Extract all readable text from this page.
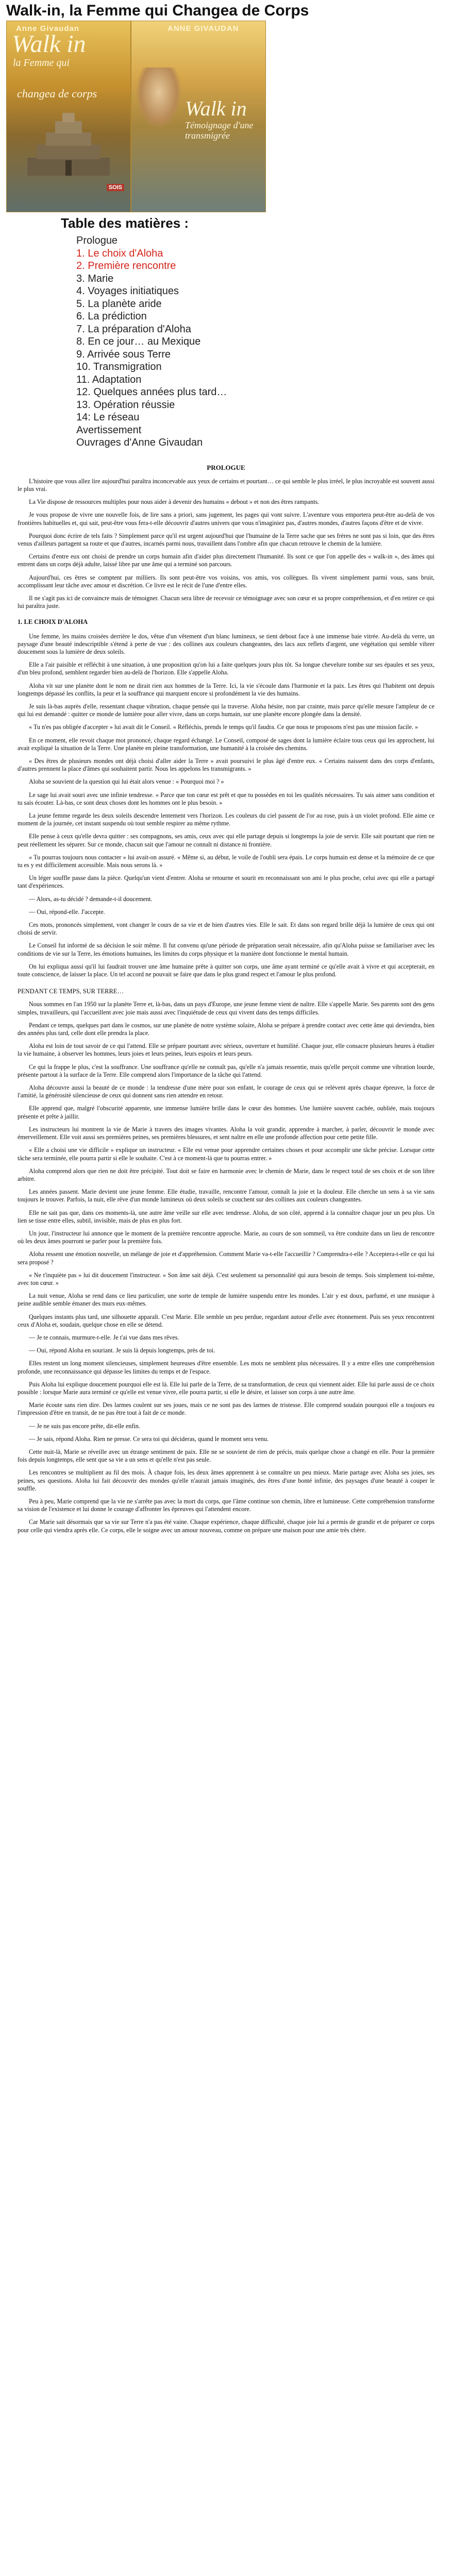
Walk-in, la Femme qui Changea de Corps
Anne Givaudan
Walk in
la Femme qui
changea de corps
SOIS
ANNE GIVAUDAN
Walk in
Témoignage d'une transmigrée
Table des matières :
Prologue
1. Le choix d'Aloha
2. Première rencontre
3. Marie
4. Voyages initiatiques
5. La planète aride
6. La prédiction
7. La préparation d'Aloha
8. En ce jour… au Mexique
9. Arrivée sous Terre
10. Transmigration
11. Adaptation
12. Quelques années plus tard…
13. Opération réussie
14: Le réseau
Avertissement
Ouvrages d'Anne Givaudan
PROLOGUE

L'histoire que vous allez lire aujourd'hui paraîtra inconcevable aux yeux de certains et pourtant… ce qui semble le plus irréel, le plus incroyable est souvent aussi le plus vrai.

La Vie dispose de ressources multiples pour nous aider à devenir des humains « debout » et non des êtres rampants.

Je vous propose de vivre une nouvelle fois, de lire sans a priori, sans jugement, les pages qui vont suivre. L'aventure vous emportera peut-être au-delà de vos frontières habituelles et, qui sait, peut-être vous fera-t-elle découvrir d'autres univers que vous n'imaginiez pas, d'autres mondes, d'autres façons d'être et de vivre.

Pourquoi donc écrire de tels faits ? Simplement parce qu'il est urgent aujourd'hui que l'humaine de la Terre sache que ses frères ne sont pas si loin, que des êtres venus d'ailleurs partagent sa route et que d'autres, incarnés parmi nous, travaillent dans l'ombre afin que chacun retrouve le chemin de la lumière.

Certains d'entre eux ont choisi de prendre un corps humain afin d'aider plus directement l'humanité. Ils sont ce que l'on appelle des « walk-in », des âmes qui entrent dans un corps déjà adulte, laissé libre par une âme qui a terminé son parcours.

Aujourd'hui, ces êtres se comptent par milliers. Ils sont peut-être vos voisins, vos amis, vos collègues. Ils vivent simplement parmi vous, sans bruit, accomplissant leur tâche avec amour et discrétion. Ce livre est le récit de l'une d'entre elles.

Il ne s'agit pas ici de convaincre mais de témoigner. Chacun sera libre de recevoir ce témoignage avec son cœur et sa propre compréhension, et d'en retirer ce qui lui paraîtra juste.

1. LE CHOIX D'ALOHA

Une femme, les mains croisées derrière le dos, vêtue d'un vêtement d'un blanc lumineux, se tient debout face à une immense baie vitrée. Au-delà du verre, un paysage d'une beauté indescriptible s'étend à perte de vue : des collines aux couleurs changeantes, des lacs aux reflets d'argent, une végétation qui semble vibrer doucement sous la lumière de deux soleils.

Elle a l'air paisible et réfléchit à une situation, à une proposition qu'on lui a faite quelques jours plus tôt. Sa longue chevelure tombe sur ses épaules et ses yeux, d'un bleu profond, semblent regarder bien au-delà de l'horizon. Elle s'appelle Aloha.

Aloha vit sur une planète dont le nom ne dirait rien aux hommes de la Terre. Ici, la vie s'écoule dans l'harmonie et la paix. Les êtres qui l'habitent ont depuis longtemps dépassé les conflits, la peur et la souffrance qui marquent encore si profondément la vie des humains.

Je suis là-bas auprès d'elle, ressentant chaque vibration, chaque pensée qui la traverse. Aloha hésite, non par crainte, mais parce qu'elle mesure l'ampleur de ce qui lui est demandé : quitter ce monde de lumière pour aller vivre, dans un corps humain, sur une planète encore plongée dans la densité.

« Tu n'es pas obligée d'accepter » lui avait dit le Conseil. « Réfléchis, prends le temps qu'il faudra. Ce que nous te proposons n'est pas une mission facile. »

En ce moment, elle revoit chaque mot prononcé, chaque regard échangé. Le Conseil, composé de sages dont la lumière éclaire tous ceux qui les approchent, lui avait expliqué la situation de la Terre. Une planète en pleine transformation, une humanité à la croisée des chemins.

« Des êtres de plusieurs mondes ont déjà choisi d'aller aider la Terre » avait poursuivi le plus âgé d'entre eux. « Certains naissent dans des corps d'enfants, d'autres prennent la place d'âmes qui souhaitent partir. Nous les appelons les transmigrants. »

Aloha se souvient de la question qui lui était alors venue : « Pourquoi moi ? »

Le sage lui avait souri avec une infinie tendresse. « Parce que ton cœur est prêt et que tu possèdes en toi les qualités nécessaires. Tu sais aimer sans condition et tu sais écouter. Là-bas, ce sont deux choses dont les hommes ont le plus besoin. »

La jeune femme regarde les deux soleils descendre lentement vers l'horizon. Les couleurs du ciel passent de l'or au rose, puis à un violet profond. Elle aime ce moment de la journée, cet instant suspendu où tout semble respirer au même rythme.

Elle pense à ceux qu'elle devra quitter : ses compagnons, ses amis, ceux avec qui elle partage depuis si longtemps la joie de servir. Elle sait pourtant que rien ne peut réellement les séparer. Sur ce monde, chacun sait que l'amour ne connaît ni distance ni frontière.

« Tu pourras toujours nous contacter » lui avait-on assuré. « Même si, au début, le voile de l'oubli sera épais. Le corps humain est dense et la mémoire de ce que tu es y est difficilement accessible. Mais nous serons là. »

Un léger souffle passe dans la pièce. Quelqu'un vient d'entrer. Aloha se retourne et sourit en reconnaissant son ami le plus proche, celui avec qui elle a partagé tant d'expériences.

— Alors, as-tu décidé ? demande-t-il doucement.

— Oui, répond-elle. J'accepte.

Ces mots, prononcés simplement, vont changer le cours de sa vie et de bien d'autres vies. Elle le sait. Et dans son regard brille déjà la lumière de ceux qui ont choisi de servir.

Le Conseil fut informé de sa décision le soir même. Il fut convenu qu'une période de préparation serait nécessaire, afin qu'Aloha puisse se familiariser avec les conditions de vie sur la Terre, les émotions humaines, les limites du corps physique et la manière dont fonctionne le mental humain.

On lui expliqua aussi qu'il lui faudrait trouver une âme humaine prête à quitter son corps, une âme ayant terminé ce qu'elle avait à vivre et qui accepterait, en toute conscience, de laisser la place. Un tel accord ne pouvait se faire que dans le plus grand respect et l'amour le plus profond.

PENDANT CE TEMPS, SUR TERRE…

Nous sommes en l'an 1950 sur la planète Terre et, là-bas, dans un pays d'Europe, une jeune femme vient de naître. Elle s'appelle Marie. Ses parents sont des gens simples, travailleurs, qui l'accueillent avec joie mais aussi avec l'inquiétude de ceux qui vivent dans des temps difficiles.

Pendant ce temps, quelques part dans le cosmos, sur une planète de notre système solaire, Aloha se prépare à prendre contact avec cette âme qui deviendra, bien des années plus tard, celle dont elle prendra la place.

Aloha est loin de tout savoir de ce qui l'attend. Elle se prépare pourtant avec sérieux, ouverture et humilité. Chaque jour, elle consacre plusieurs heures à étudier la vie humaine, à observer les hommes, leurs joies et leurs peines, leurs espoirs et leurs peurs.

Ce qui la frappe le plus, c'est la souffrance. Une souffrance qu'elle ne connaît pas, qu'elle n'a jamais ressentie, mais qu'elle perçoit comme une vibration lourde, présente partout à la surface de la Terre. Elle comprend alors l'importance de la tâche qui l'attend.

Aloha découvre aussi la beauté de ce monde : la tendresse d'une mère pour son enfant, le courage de ceux qui se relèvent après chaque épreuve, la force de l'amitié, la générosité silencieuse de ceux qui donnent sans rien attendre en retour.

Elle apprend que, malgré l'obscurité apparente, une immense lumière brille dans le cœur des hommes. Une lumière souvent cachée, oubliée, mais toujours présente et prête à jaillir.

Les instructeurs lui montrent la vie de Marie à travers des images vivantes. Aloha la voit grandir, apprendre à marcher, à parler, découvrir le monde avec émerveillement. Elle voit aussi ses premières peines, ses premières blessures, et sent naître en elle une profonde affection pour cette petite fille.

« Elle a choisi une vie difficile » explique un instructeur. « Elle est venue pour apprendre certaines choses et pour accomplir une tâche précise. Lorsque cette tâche sera terminée, elle pourra partir si elle le souhaite. C'est à ce moment-là que tu pourras entrer. »

Aloha comprend alors que rien ne doit être précipité. Tout doit se faire en harmonie avec le chemin de Marie, dans le respect total de ses choix et de son libre arbitre.

Les années passent. Marie devient une jeune femme. Elle étudie, travaille, rencontre l'amour, connaît la joie et la douleur. Elle cherche un sens à sa vie sans toujours le trouver. Parfois, la nuit, elle rêve d'un monde lumineux où deux soleils se couchent sur des collines aux couleurs changeantes.

Elle ne sait pas que, dans ces moments-là, une autre âme veille sur elle avec tendresse. Aloha, de son côté, apprend à la connaître chaque jour un peu plus. Un lien se tisse entre elles, subtil, invisible, mais de plus en plus fort.

Un jour, l'instructeur lui annonce que le moment de la première rencontre approche. Marie, au cours de son sommeil, va être conduite dans un lieu de rencontre où les deux âmes pourront se parler pour la première fois.

Aloha ressent une émotion nouvelle, un mélange de joie et d'appréhension. Comment Marie va-t-elle l'accueillir ? Comprendra-t-elle ? Acceptera-t-elle ce qui lui sera proposé ?

« Ne t'inquiète pas » lui dit doucement l'instructeur. « Son âme sait déjà. C'est seulement sa personnalité qui aura besoin de temps. Sois simplement toi-même, avec ton cœur. »

La nuit venue, Aloha se rend dans ce lieu particulier, une sorte de temple de lumière suspendu entre les mondes. L'air y est doux, parfumé, et une musique à peine audible semble émaner des murs eux-mêmes.

Quelques instants plus tard, une silhouette apparaît. C'est Marie. Elle semble un peu perdue, regardant autour d'elle avec étonnement. Puis ses yeux rencontrent ceux d'Aloha et, soudain, quelque chose en elle se détend.

— Je te connais, murmure-t-elle. Je t'ai vue dans mes rêves.

— Oui, répond Aloha en souriant. Je suis là depuis longtemps, près de toi.

Elles restent un long moment silencieuses, simplement heureuses d'être ensemble. Les mots ne semblent plus nécessaires. Il y a entre elles une compréhension profonde, une reconnaissance qui dépasse les limites du temps et de l'espace.

Puis Aloha lui explique doucement pourquoi elle est là. Elle lui parle de la Terre, de sa transformation, de ceux qui viennent aider. Elle lui parle aussi de ce choix possible : lorsque Marie aura terminé ce qu'elle est venue vivre, elle pourra partir, si elle le désire, et laisser son corps à une autre âme.

Marie écoute sans rien dire. Des larmes coulent sur ses joues, mais ce ne sont pas des larmes de tristesse. Elle comprend soudain pourquoi elle a toujours eu l'impression d'être en transit, de ne pas être tout à fait de ce monde.

— Je ne suis pas encore prête, dit-elle enfin.

— Je sais, répond Aloha. Rien ne presse. Ce sera toi qui décideras, quand le moment sera venu.

Cette nuit-là, Marie se réveille avec un étrange sentiment de paix. Elle ne se souvient de rien de précis, mais quelque chose a changé en elle. Pour la première fois depuis longtemps, elle sent que sa vie a un sens et qu'elle n'est pas seule.

Les rencontres se multiplient au fil des mois. À chaque fois, les deux âmes apprennent à se connaître un peu mieux. Marie partage avec Aloha ses joies, ses peines, ses questions. Aloha lui fait découvrir des mondes qu'elle n'aurait jamais imaginés, des êtres d'une bonté infinie, des paysages d'une beauté à couper le souffle.

Peu à peu, Marie comprend que la vie ne s'arrête pas avec la mort du corps, que l'âme continue son chemin, libre et lumineuse. Cette compréhension transforme sa vision de l'existence et lui donne le courage d'affronter les épreuves qui l'attendent encore.

Car Marie sait désormais que sa vie sur Terre n'a pas été vaine. Chaque expérience, chaque difficulté, chaque joie lui a permis de grandir et de préparer ce corps pour celle qui viendra après elle. Ce corps, elle le soigne avec un amour nouveau, comme on prépare une maison pour une amie très chère.
